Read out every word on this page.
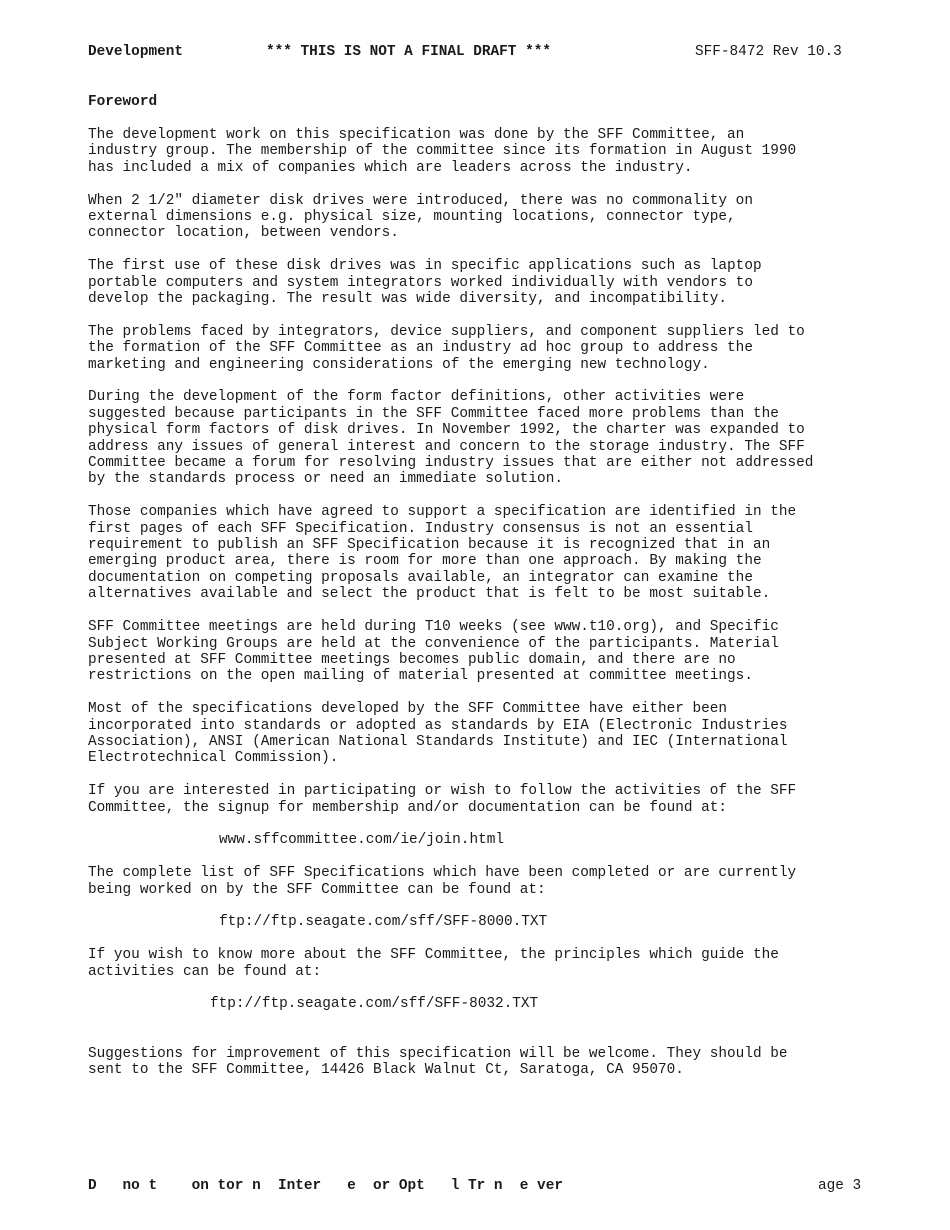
Development	*** THIS IS NOT A FINAL DRAFT ***	SFF-8472 Rev 10.3
Foreword

The development work on this specification was done by the SFF Committee, an
industry group. The membership of the committee since its formation in August 1990
has included a mix of companies which are leaders across the industry.

When 2 1/2" diameter disk drives were introduced, there was no commonality on
external dimensions e.g. physical size, mounting locations, connector type,
connector location, between vendors.

The first use of these disk drives was in specific applications such as laptop
portable computers and system integrators worked individually with vendors to
develop the packaging. The result was wide diversity, and incompatibility.

The problems faced by integrators, device suppliers, and component suppliers led to
the formation of the SFF Committee as an industry ad hoc group to address the
marketing and engineering considerations of the emerging new technology.

During the development of the form factor definitions, other activities were
suggested because participants in the SFF Committee faced more problems than the
physical form factors of disk drives. In November 1992, the charter was expanded to
address any issues of general interest and concern to the storage industry. The SFF
Committee became a forum for resolving industry issues that are either not addressed
by the standards process or need an immediate solution.

Those companies which have agreed to support a specification are identified in the
first pages of each SFF Specification. Industry consensus is not an essential
requirement to publish an SFF Specification because it is recognized that in an
emerging product area, there is room for more than one approach. By making the
documentation on competing proposals available, an integrator can examine the
alternatives available and select the product that is felt to be most suitable.

SFF Committee meetings are held during T10 weeks (see www.t10.org), and Specific
Subject Working Groups are held at the convenience of the participants. Material
presented at SFF Committee meetings becomes public domain, and there are no
restrictions on the open mailing of material presented at committee meetings.

Most of the specifications developed by the SFF Committee have either been
incorporated into standards or adopted as standards by EIA (Electronic Industries
Association), ANSI (American National Standards Institute) and IEC (International
Electrotechnical Commission).

If you are interested in participating or wish to follow the activities of the SFF
Committee, the signup for membership and/or documentation can be found at:

www.sffcommittee.com/ie/join.html

The complete list of SFF Specifications which have been completed or are currently
being worked on by the SFF Committee can be found at:

ftp://ftp.seagate.com/sff/SFF-8000.TXT

If you wish to know more about the SFF Committee, the principles which guide the
activities can be found at:

ftp://ftp.seagate.com/sff/SFF-8032.TXT

Suggestions for improvement of this specification will be welcome. They should be
sent to the SFF Committee, 14426 Black Walnut Ct, Saratoga, CA 95070.

D   no t    on tor n  Inter   e  or Opt   l Tr n  e ver	age 3
